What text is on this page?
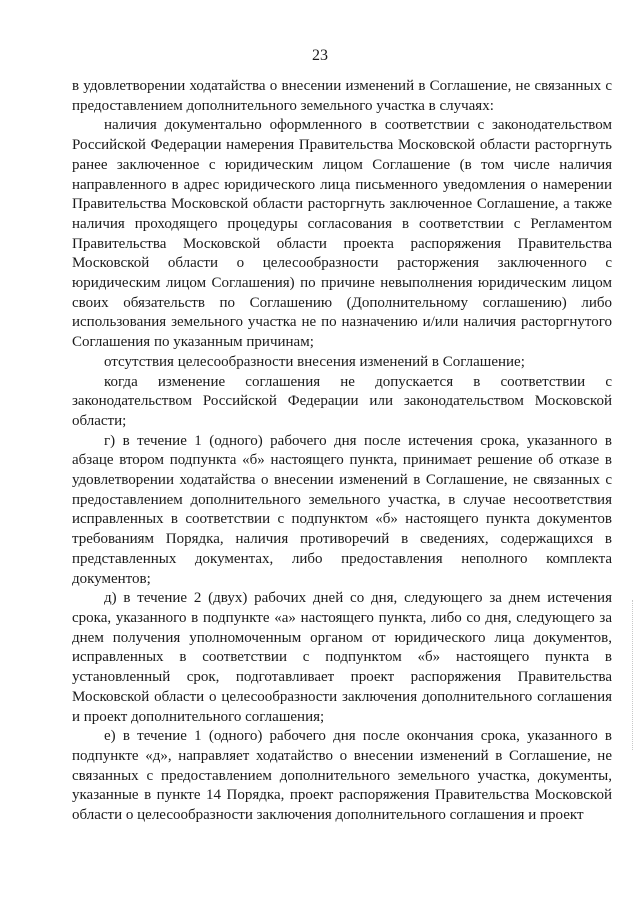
23

в удовлетворении ходатайства о внесении изменений в Соглашение, не связанных с предоставлением дополнительного земельного участка в случаях:

наличия документально оформленного в соответствии с законодательством Российской Федерации намерения Правительства Московской области расторгнуть ранее заключенное с юридическим лицом Соглашение (в том числе наличия направленного в адрес юридического лица письменного уведомления о намерении Правительства Московской области расторгнуть заключенное Соглашение, а также наличия проходящего процедуры согласования в соответствии с Регламентом Правительства Московской области проекта распоряжения Правительства Московской области о целесообразности расторжения заключенного с юридическим лицом Соглашения) по причине невыполнения юридическим лицом своих обязательств по Соглашению (Дополнительному соглашению) либо использования земельного участка не по назначению и/или наличия расторгнутого Соглашения по указанным причинам;

отсутствия целесообразности внесения изменений в Соглашение;

когда изменение соглашения не допускается в соответствии с законодательством Российской Федерации или законодательством Московской области;

г) в течение 1 (одного) рабочего дня после истечения срока, указанного в абзаце втором подпункта «б» настоящего пункта, принимает решение об отказе в удовлетворении ходатайства о внесении изменений в Соглашение, не связанных с предоставлением дополнительного земельного участка, в случае несоответствия исправленных в соответствии с подпунктом «б» настоящего пункта документов требованиям Порядка, наличия противоречий в сведениях, содержащихся в представленных документах, либо предоставления неполного комплекта документов;

д) в течение 2 (двух) рабочих дней со дня, следующего за днем истечения срока, указанного в подпункте «а» настоящего пункта, либо со дня, следующего за днем получения уполномоченным органом от юридического лица документов, исправленных в соответствии с подпунктом «б» настоящего пункта в установленный срок, подготавливает проект распоряжения Правительства Московской области о целесообразности заключения дополнительного соглашения и проект дополнительного соглашения;

е) в течение 1 (одного) рабочего дня после окончания срока, указанного в подпункте «д», направляет ходатайство о внесении изменений в Соглашение, не связанных с предоставлением дополнительного земельного участка, документы, указанные в пункте 14 Порядка, проект распоряжения Правительства Московской области о целесообразности заключения дополнительного соглашения и проект
